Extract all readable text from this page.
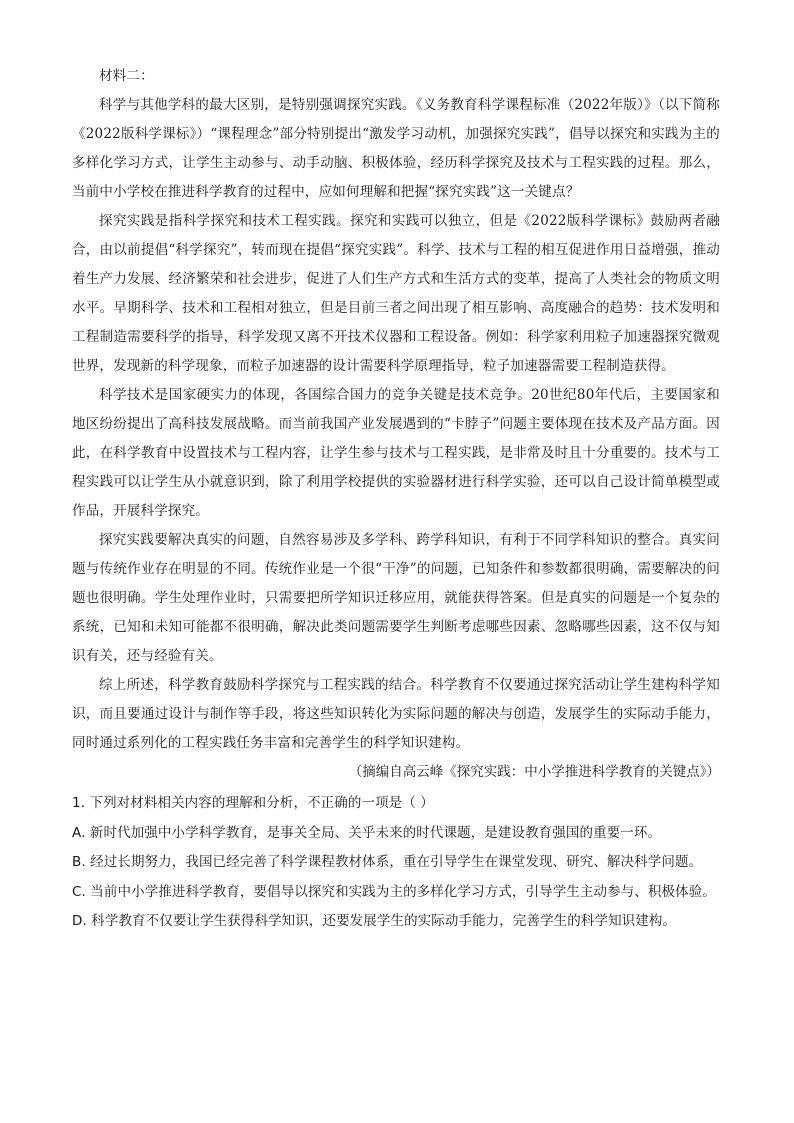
材料二：

科学与其他学科的最大区别，是特别强调探究实践。《义务教育科学课程标准（2022年版）》（以下简称《2022版科学课标》）“课程理念”部分特别提出“激发学习动机，加强探究实践”，倡导以探究和实践为主的多样化学习方式，让学生主动参与、动手动脑、积极体验，经历科学探究及技术与工程实践的过程。那么，当前中小学校在推进科学教育的过程中，应如何理解和把握“探究实践”这一关键点？

探究实践是指科学探究和技术工程实践。探究和实践可以独立，但是《2022版科学课标》鼓励两者融合，由以前提倡“科学探究”，转而现在提倡“探究实践”。科学、技术与工程的相互促进作用日益增强，推动着生产力发展、经济繁荣和社会进步，促进了人们生产方式和生活方式的变革，提高了人类社会的物质文明水平。早期科学、技术和工程相对独立，但是目前三者之间出现了相互影响、高度融合的趋势：技术发明和工程制造需要科学的指导，科学发现又离不开技术仪器和工程设备。例如：科学家利用粒子加速器探究微观世界，发现新的科学现象，而粒子加速器的设计需要科学原理指导，粒子加速器需要工程制造获得。

科学技术是国家硬实力的体现，各国综合国力的竞争关键是技术竞争。20世纪80年代后，主要国家和地区纷纷提出了高科技发展战略。而当前我国产业发展遇到的“卡脖子”问题主要体现在技术及产品方面。因此，在科学教育中设置技术与工程内容，让学生参与技术与工程实践，是非常及时且十分重要的。技术与工程实践可以让学生从小就意识到，除了利用学校提供的实验器材进行科学实验，还可以自己设计简单模型或作品，开展科学探究。

探究实践要解决真实的问题，自然容易涉及多学科、跨学科知识，有利于不同学科知识的整合。真实问题与传统作业存在明显的不同。传统作业是一个很“干净”的问题，已知条件和参数都很明确，需要解决的问题也很明确。学生处理作业时，只需要把所学知识迁移应用，就能获得答案。但是真实的问题是一个复杂的系统，已知和未知可能都不很明确，解决此类问题需要学生判断考虑哪些因素、忽略哪些因素，这不仅与知识有关，还与经验有关。

综上所述，科学教育鼓励科学探究与工程实践的结合。科学教育不仅要通过探究活动让学生建构科学知识，而且要通过设计与制作等手段，将这些知识转化为实际问题的解决与创造，发展学生的实际动手能力，同时通过系列化的工程实践任务丰富和完善学生的科学知识建构。

（摘编自高云峰《探究实践：中小学推进科学教育的关键点》）

1. 下列对材料相关内容的理解和分析，不正确的一项是（ ）

A. 新时代加强中小学科学教育，是事关全局、关乎未来的时代课题，是建设教育强国的重要一环。

B. 经过长期努力，我国已经完善了科学课程教材体系，重在引导学生在课堂发现、研究、解决科学问题。

C. 当前中小学推进科学教育，要倡导以探究和实践为主的多样化学习方式，引导学生主动参与、积极体验。

D. 科学教育不仅要让学生获得科学知识，还要发展学生的实际动手能力，完善学生的科学知识建构。
